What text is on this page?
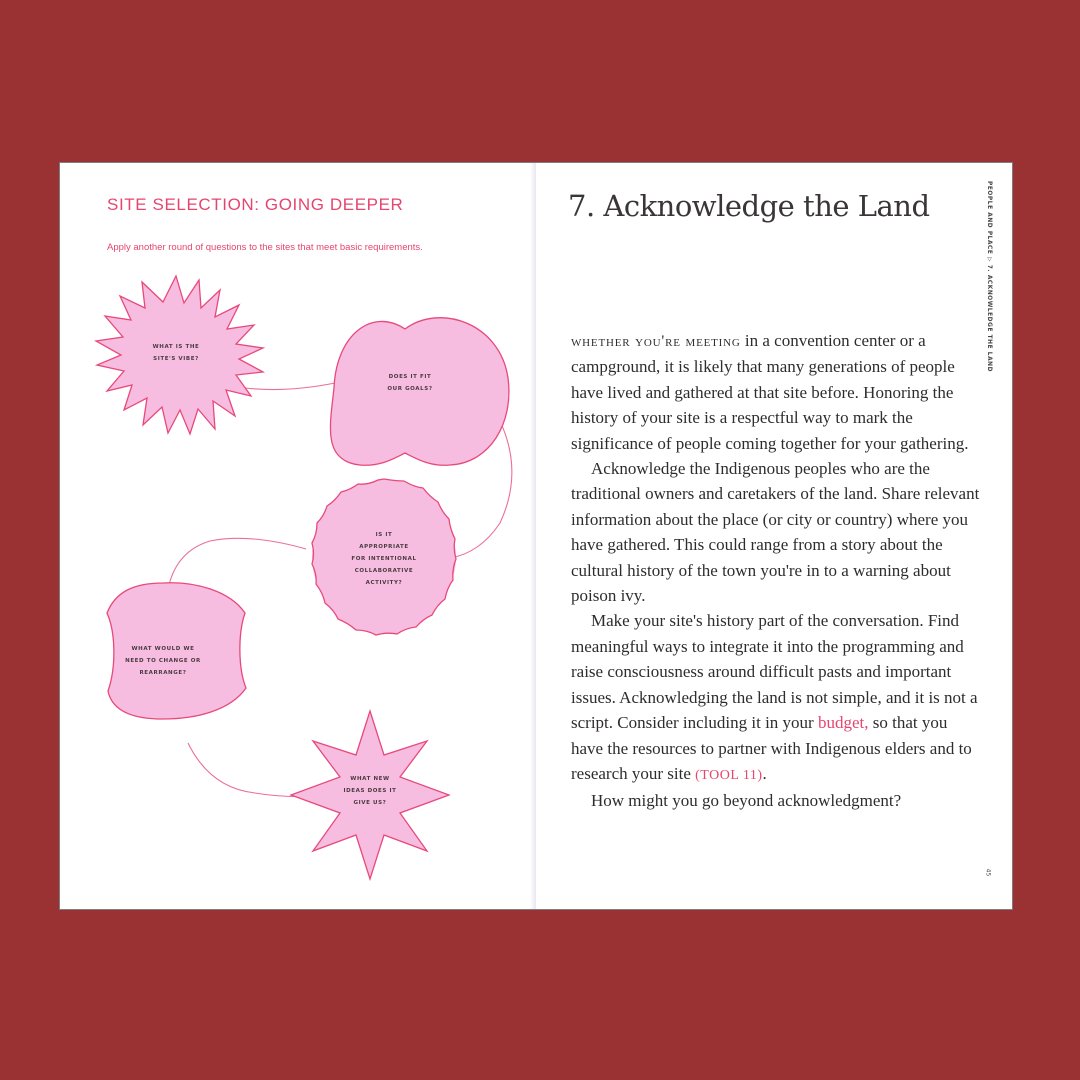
SITE SELECTION: GOING DEEPER
Apply another round of questions to the sites that meet basic requirements.
WHAT IS THE
SITE'S VIBE?
DOES IT FIT
OUR GOALS?
IS IT
APPROPRIATE
FOR INTENTIONAL
COLLABORATIVE
ACTIVITY?
WHAT WOULD WE
NEED TO CHANGE OR
REARRANGE?
WHAT NEW
IDEAS DOES IT
GIVE US?
7. Acknowledge the Land	PEOPLE AND PLACE ▷ 7. ACKNOWLEDGE THE LAND

whether you're meeting in a convention center or a campground, it is likely that many generations of people have lived and gathered at that site before. Honoring the history of your site is a respectful way to mark the significance of people coming together for your gathering.

Acknowledge the Indigenous peoples who are the traditional owners and caretakers of the land. Share relevant information about the place (or city or country) where you have gathered. This could range from a story about the cultural history of the town you're in to a warning about poison ivy.

Make your site's history part of the conversation. Find meaningful ways to integrate it into the programming and raise consciousness around difficult pasts and important issues. Acknowledging the land is not simple, and it is not a script. Consider including it in your budget, so that you have the resources to partner with Indigenous elders and to research your site (TOOL 11).

How might you go beyond acknowledgment?

45
